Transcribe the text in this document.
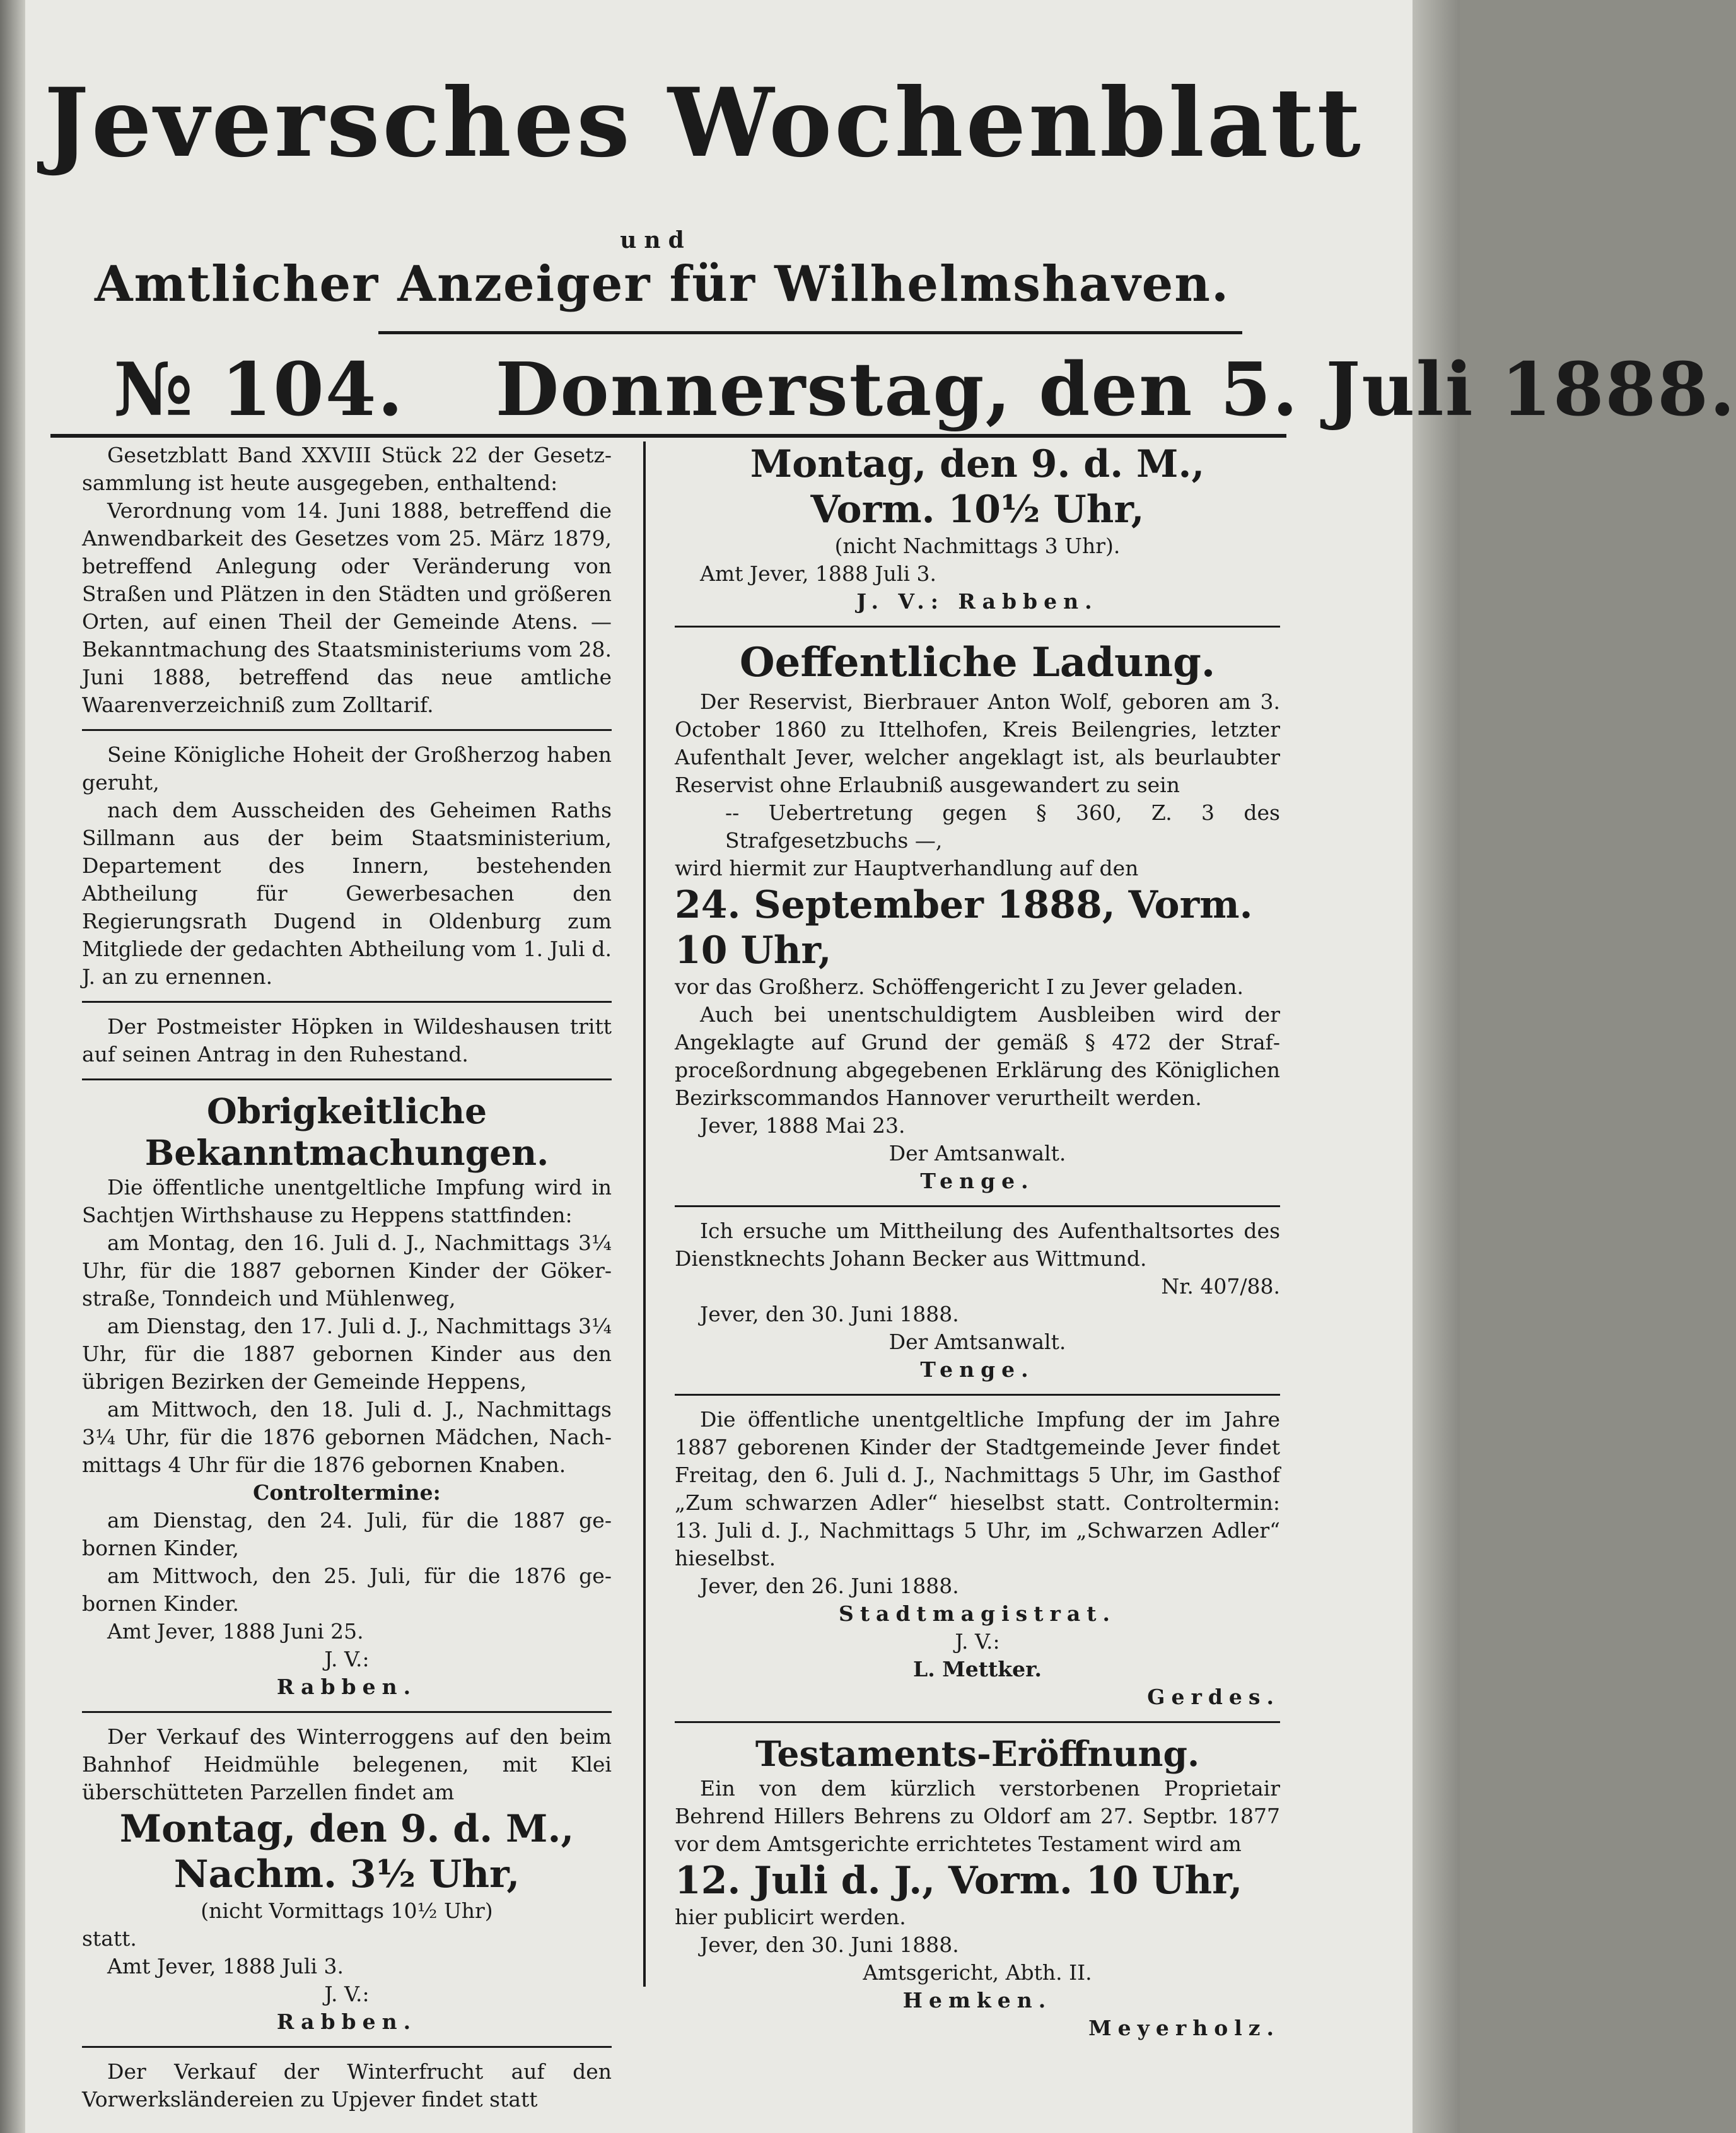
Jeversches Wochenblatt
und
Amtlicher Anzeiger für Wilhelmshaven.
№ 104. Donnerstag, den 5. Juli 1888.

Gesetzblatt Band XXVIII Stück 22 der Gesetzsammlung ist heute ausgegeben, enthaltend:

Verordnung vom 14. Juni 1888, betreffend die Anwendbarkeit des Gesetzes vom 25. März 1879, betreffend Anlegung oder Veränderung von Straßen und Plätzen in den Städten und größeren Orten, auf einen Theil der Gemeinde Atens. — Bekanntmachung des Staatsministeriums vom 28. Juni 1888, betreffend das neue amtliche Waarenverzeichniß zum Zolltarif.

Seine Königliche Hoheit der Großherzog haben geruht,

nach dem Ausscheiden des Geheimen Raths Sillmann aus der beim Staatsministerium, Departement des Innern, bestehenden Abtheilung für Gewerbesachen den Regierungsrath Dugend in Oldenburg zum Mitgliede der gedachten Abtheilung vom 1. Juli d. J. an zu ernennen.

Der Postmeister Höpken in Wildeshausen tritt auf seinen Antrag in den Ruhestand.

Obrigkeitliche Bekanntmachungen.

Die öffentliche unentgeltliche Impfung wird in Sachtjen Wirthshause zu Heppens stattfinden:

am Montag, den 16. Juli d. J., Nachmittags 3¼ Uhr, für die 1887 gebornen Kinder der Gökerstraße, Tonndeich und Mühlenweg,

am Dienstag, den 17. Juli d. J., Nachmittags 3¼ Uhr, für die 1887 gebornen Kinder aus den übrigen Bezirken der Gemeinde Heppens,

am Mittwoch, den 18. Juli d. J., Nachmittags 3¼ Uhr, für die 1876 gebornen Mädchen, Nachmittags 4 Uhr für die 1876 gebornen Knaben.

Controltermine:

am Dienstag, den 24. Juli, für die 1887 gebornen Kinder,

am Mittwoch, den 25. Juli, für die 1876 gebornen Kinder.

Amt Jever, 1888 Juni 25.

J. V.:

Rabben.

Der Verkauf des Winterroggens auf den beim Bahnhof Heidmühle belegenen, mit Klei überschütteten Parzellen findet am

Montag, den 9. d. M.,

Nachm. 3½ Uhr,

(nicht Vormittags 10½ Uhr)

statt.

Amt Jever, 1888 Juli 3.

J. V.:

Rabben.

Der Verkauf der Winterfrucht auf den Vorwerksländereien zu Upjever findet statt

Montag, den 9. d. M.,

Vorm. 10½ Uhr,

(nicht Nachmittags 3 Uhr).

Amt Jever, 1888 Juli 3.

J. V.: Rabben.

Oeffentliche Ladung.

Der Reservist, Bierbrauer Anton Wolf, geboren am 3. October 1860 zu Ittelhofen, Kreis Beilengries, letzter Aufenthalt Jever, welcher angeklagt ist, als beurlaubter Reservist ohne Erlaubniß ausgewandert zu sein

-- Uebertretung gegen § 360, Z. 3 des Strafgesetzbuchs —,

wird hiermit zur Hauptverhandlung auf den

24. September 1888, Vorm. 10 Uhr,

vor das Großherz. Schöffengericht I zu Jever geladen.

Auch bei unentschuldigtem Ausbleiben wird der Angeklagte auf Grund der gemäß § 472 der Strafproceßordnung abgegebenen Erklärung des Königlichen Bezirkscommandos Hannover verurtheilt werden.

Jever, 1888 Mai 23.

Der Amtsanwalt.

Tenge.

Ich ersuche um Mittheilung des Aufenthaltsortes des Dienstknechts Johann Becker aus Wittmund.

Nr. 407/88.

Jever, den 30. Juni 1888.

Der Amtsanwalt.

Tenge.

Die öffentliche unentgeltliche Impfung der im Jahre 1887 geborenen Kinder der Stadtgemeinde Jever findet Freitag, den 6. Juli d. J., Nachmittags 5 Uhr, im Gasthof „Zum schwarzen Adler“ hieselbst statt. Controltermin: 13. Juli d. J., Nachmittags 5 Uhr, im „Schwarzen Adler“ hieselbst.

Jever, den 26. Juni 1888.

Stadtmagistrat.

J. V.:

L. Mettker.

Gerdes.

Testaments-Eröffnung.

Ein von dem kürzlich verstorbenen Proprietair Behrend Hillers Behrens zu Oldorf am 27. Septbr. 1877 vor dem Amtsgerichte errichtetes Testament wird am

12. Juli d. J., Vorm. 10 Uhr,

hier publicirt werden.

Jever, den 30. Juni 1888.

Amtsgericht, Abth. II.

Hemken.

Meyerholz.
